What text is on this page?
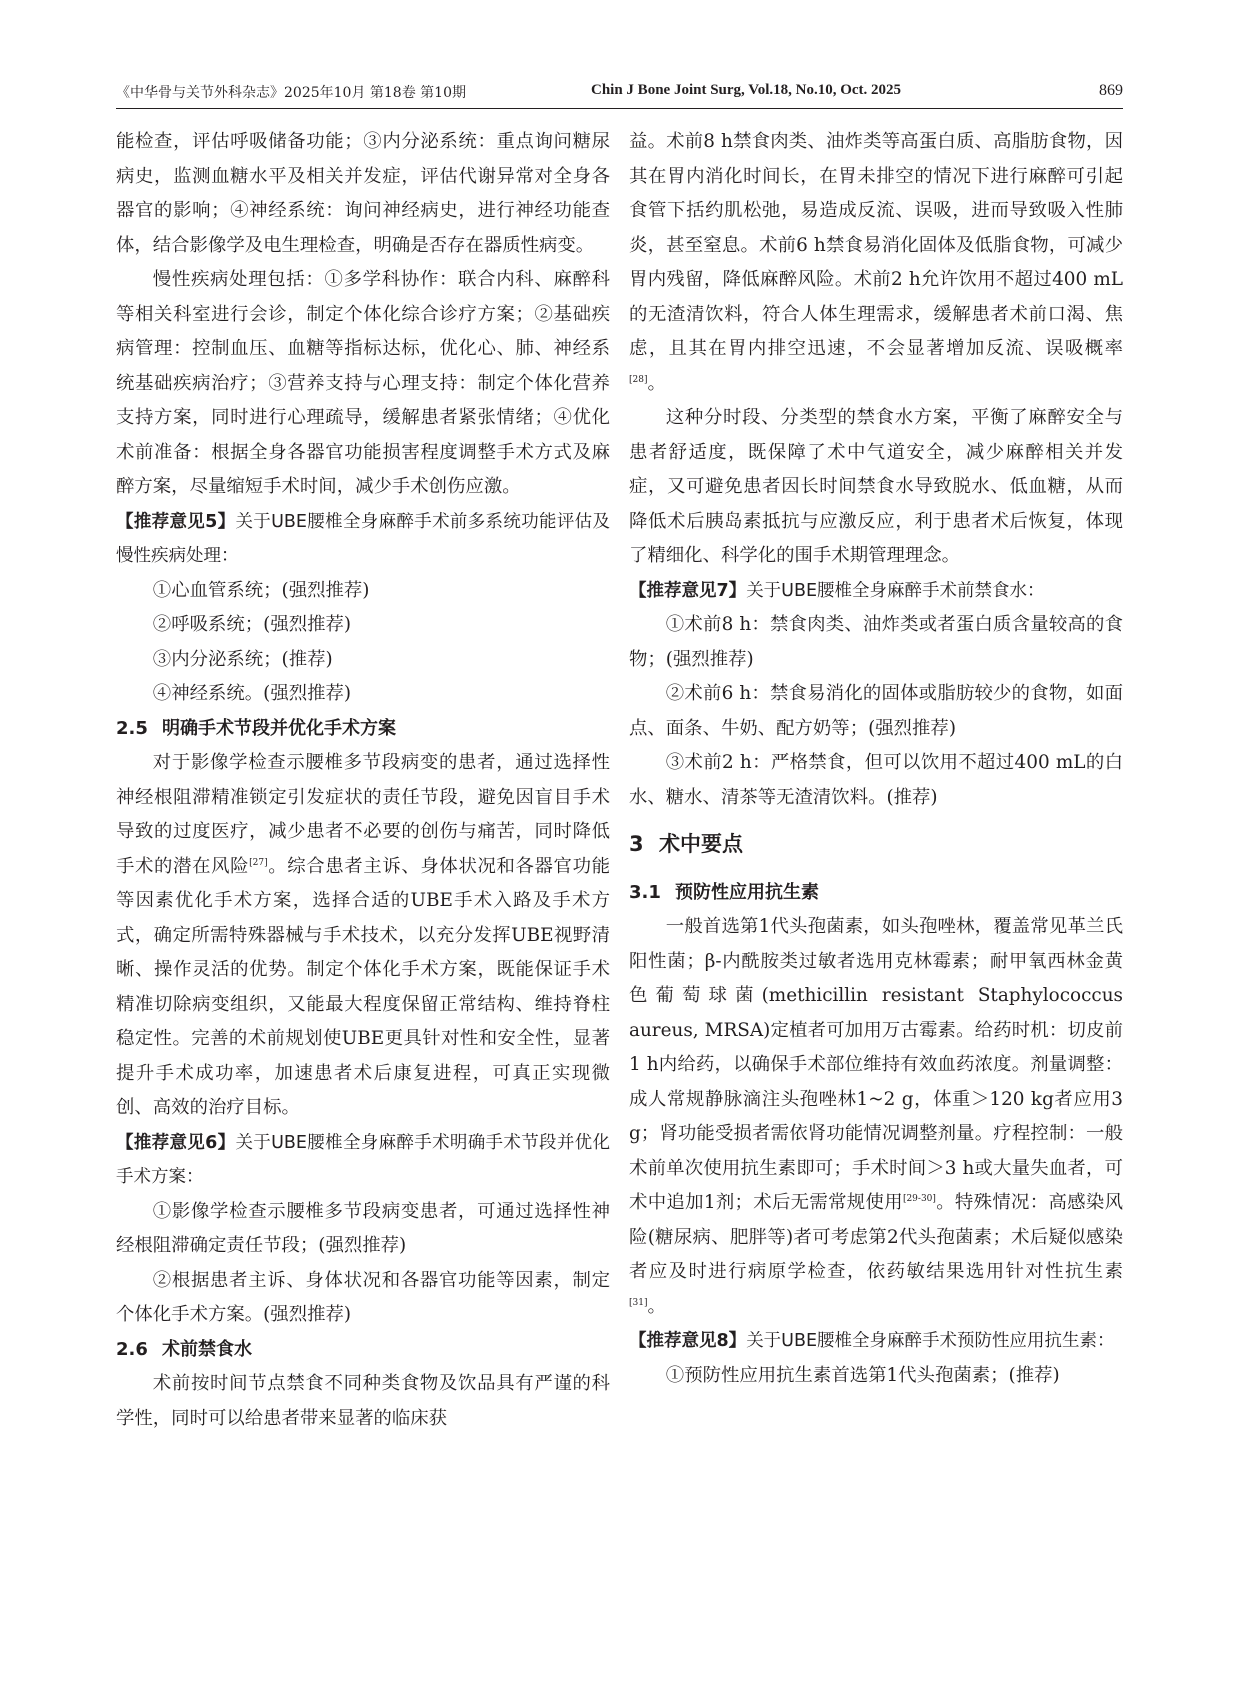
《中华骨与关节外科杂志》2025年10月 第18卷 第10期	Chin J Bone Joint Surg, Vol.18, No.10, Oct. 2025	869

能检查，评估呼吸储备功能；③内分泌系统：重点询问糖尿病史，监测血糖水平及相关并发症，评估代谢异常对全身各器官的影响；④神经系统：询问神经病史，进行神经功能查体，结合影像学及电生理检查，明确是否存在器质性病变。

慢性疾病处理包括：①多学科协作：联合内科、麻醉科等相关科室进行会诊，制定个体化综合诊疗方案；②基础疾病管理：控制血压、血糖等指标达标，优化心、肺、神经系统基础疾病治疗；③营养支持与心理支持：制定个体化营养支持方案，同时进行心理疏导，缓解患者紧张情绪；④优化术前准备：根据全身各器官功能损害程度调整手术方式及麻醉方案，尽量缩短手术时间，减少手术创伤应激。

【推荐意见5】关于UBE腰椎全身麻醉手术前多系统功能评估及慢性疾病处理：

①心血管系统；(强烈推荐)

②呼吸系统；(强烈推荐)

③内分泌系统；(推荐)

④神经系统。(强烈推荐)

2.5 明确手术节段并优化手术方案

对于影像学检查示腰椎多节段病变的患者，通过选择性神经根阻滞精准锁定引发症状的责任节段，避免因盲目手术导致的过度医疗，减少患者不必要的创伤与痛苦，同时降低手术的潜在风险[27]。综合患者主诉、身体状况和各器官功能等因素优化手术方案，选择合适的UBE手术入路及手术方式，确定所需特殊器械与手术技术，以充分发挥UBE视野清晰、操作灵活的优势。制定个体化手术方案，既能保证手术精准切除病变组织，又能最大程度保留正常结构、维持脊柱稳定性。完善的术前规划使UBE更具针对性和安全性，显著提升手术成功率，加速患者术后康复进程，可真正实现微创、高效的治疗目标。

【推荐意见6】关于UBE腰椎全身麻醉手术明确手术节段并优化手术方案：

①影像学检查示腰椎多节段病变患者，可通过选择性神经根阻滞确定责任节段；(强烈推荐)

②根据患者主诉、身体状况和各器官功能等因素，制定个体化手术方案。(强烈推荐)

2.6 术前禁食水

术前按时间节点禁食不同种类食物及饮品具有严谨的科学性，同时可以给患者带来显著的临床获

益。术前8 h禁食肉类、油炸类等高蛋白质、高脂肪食物，因其在胃内消化时间长，在胃未排空的情况下进行麻醉可引起食管下括约肌松弛，易造成反流、误吸，进而导致吸入性肺炎，甚至窒息。术前6 h禁食易消化固体及低脂食物，可减少胃内残留，降低麻醉风险。术前2 h允许饮用不超过400 mL的无渣清饮料，符合人体生理需求，缓解患者术前口渴、焦虑，且其在胃内排空迅速，不会显著增加反流、误吸概率[28]。

这种分时段、分类型的禁食水方案，平衡了麻醉安全与患者舒适度，既保障了术中气道安全，减少麻醉相关并发症，又可避免患者因长时间禁食水导致脱水、低血糖，从而降低术后胰岛素抵抗与应激反应，利于患者术后恢复，体现了精细化、科学化的围手术期管理理念。

【推荐意见7】关于UBE腰椎全身麻醉手术前禁食水：

①术前8 h：禁食肉类、油炸类或者蛋白质含量较高的食物；(强烈推荐)

②术前6 h：禁食易消化的固体或脂肪较少的食物，如面点、面条、牛奶、配方奶等；(强烈推荐)

③术前2 h：严格禁食，但可以饮用不超过400 mL的白水、糖水、清茶等无渣清饮料。(推荐)

3 术中要点

3.1 预防性应用抗生素

一般首选第1代头孢菌素，如头孢唑林，覆盖常见革兰氏阳性菌；β-内酰胺类过敏者选用克林霉素；耐甲氧西林金黄色葡萄球菌(methicillin resistant Staphylococcus aureus, MRSA)定植者可加用万古霉素。给药时机：切皮前1 h内给药，以确保手术部位维持有效血药浓度。剂量调整：成人常规静脉滴注头孢唑林1~2 g，体重＞120 kg者应用3 g；肾功能受损者需依肾功能情况调整剂量。疗程控制：一般术前单次使用抗生素即可；手术时间＞3 h或大量失血者，可术中追加1剂；术后无需常规使用[29-30]。特殊情况：高感染风险(糖尿病、肥胖等)者可考虑第2代头孢菌素；术后疑似感染者应及时进行病原学检查，依药敏结果选用针对性抗生素[31]。

【推荐意见8】关于UBE腰椎全身麻醉手术预防性应用抗生素：

①预防性应用抗生素首选第1代头孢菌素；(推荐)
